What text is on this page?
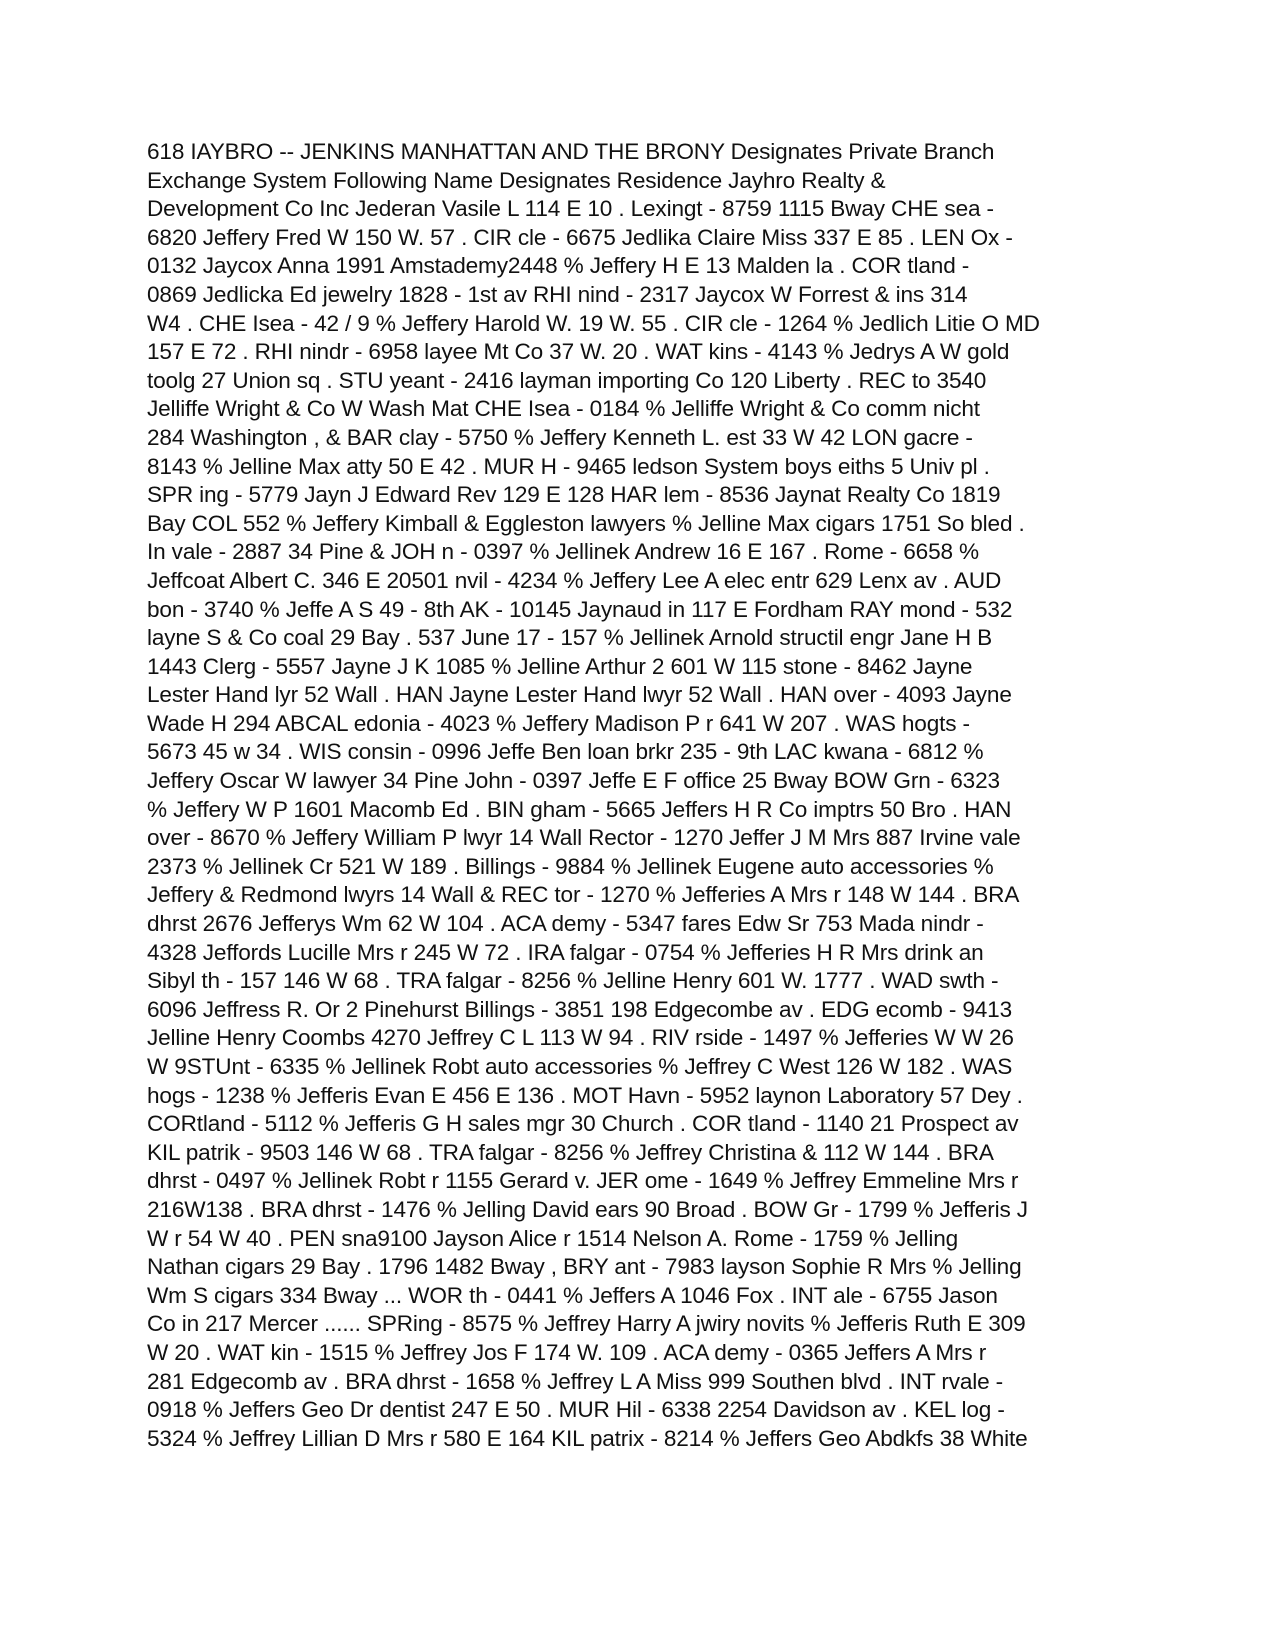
618 IAYBRO -- JENKINS MANHATTAN AND THE BRONY Designates Private Branch
Exchange System Following Name Designates Residence Jayhro Realty &
Development Co Inc Jederan Vasile L 114 E 10 . Lexingt - 8759 1115 Bway CHE sea -
6820 Jeffery Fred W 150 W. 57 . CIR cle - 6675 Jedlika Claire Miss 337 E 85 . LEN Ox -
0132 Jaycox Anna 1991 Amstademy2448 % Jeffery H E 13 Malden la . COR tland -
0869 Jedlicka Ed jewelry 1828 - 1st av RHI nind - 2317 Jaycox W Forrest & ins 314
W4 . CHE Isea - 42 / 9 % Jeffery Harold W. 19 W. 55 . CIR cle - 1264 % Jedlich Litie O MD
157 E 72 . RHI nindr - 6958 layee Mt Co 37 W. 20 . WAT kins - 4143 % Jedrys A W gold
toolg 27 Union sq . STU yeant - 2416 layman importing Co 120 Liberty . REC to 3540
Jelliffe Wright & Co W Wash Mat CHE Isea - 0184 % Jelliffe Wright & Co comm nicht
284 Washington , & BAR clay - 5750 % Jeffery Kenneth L. est 33 W 42 LON gacre -
8143 % Jelline Max atty 50 E 42 . MUR H - 9465 ledson System boys eiths 5 Univ pl .
SPR ing - 5779 Jayn J Edward Rev 129 E 128 HAR lem - 8536 Jaynat Realty Co 1819
Bay COL 552 % Jeffery Kimball & Eggleston lawyers % Jelline Max cigars 1751 So bled .
In vale - 2887 34 Pine & JOH n - 0397 % Jellinek Andrew 16 E 167 . Rome - 6658 %
Jeffcoat Albert C. 346 E 20501 nvil - 4234 % Jeffery Lee A elec entr 629 Lenx av . AUD
bon - 3740 % Jeffe A S 49 - 8th AK - 10145 Jaynaud in 117 E Fordham RAY mond - 532
layne S & Co coal 29 Bay . 537 June 17 - 157 % Jellinek Arnold structil engr Jane H B
1443 Clerg - 5557 Jayne J K 1085 % Jelline Arthur 2 601 W 115 stone - 8462 Jayne
Lester Hand lyr 52 Wall . HAN Jayne Lester Hand lwyr 52 Wall . HAN over - 4093 Jayne
Wade H 294 ABCAL edonia - 4023 % Jeffery Madison P r 641 W 207 . WAS hogts -
5673 45 w 34 . WIS consin - 0996 Jeffe Ben loan brkr 235 - 9th LAC kwana - 6812 %
Jeffery Oscar W lawyer 34 Pine John - 0397 Jeffe E F office 25 Bway BOW Grn - 6323
% Jeffery W P 1601 Macomb Ed . BIN gham - 5665 Jeffers H R Co imptrs 50 Bro . HAN
over - 8670 % Jeffery William P lwyr 14 Wall Rector - 1270 Jeffer J M Mrs 887 Irvine vale
2373 % Jellinek Cr 521 W 189 . Billings - 9884 % Jellinek Eugene auto accessories %
Jeffery & Redmond lwyrs 14 Wall & REC tor - 1270 % Jefferies A Mrs r 148 W 144 . BRA
dhrst 2676 Jefferys Wm 62 W 104 . ACA demy - 5347 fares Edw Sr 753 Mada nindr -
4328 Jeffords Lucille Mrs r 245 W 72 . IRA falgar - 0754 % Jefferies H R Mrs drink an
Sibyl th - 157 146 W 68 . TRA falgar - 8256 % Jelline Henry 601 W. 1777 . WAD swth -
6096 Jeffress R. Or 2 Pinehurst Billings - 3851 198 Edgecombe av . EDG ecomb - 9413
Jelline Henry Coombs 4270 Jeffrey C L 113 W 94 . RIV rside - 1497 % Jefferies W W 26
W 9STUnt - 6335 % Jellinek Robt auto accessories % Jeffrey C West 126 W 182 . WAS
hogs - 1238 % Jefferis Evan E 456 E 136 . MOT Havn - 5952 laynon Laboratory 57 Dey .
CORtland - 5112 % Jefferis G H sales mgr 30 Church . COR tland - 1140 21 Prospect av
KIL patrik - 9503 146 W 68 . TRA falgar - 8256 % Jeffrey Christina & 112 W 144 . BRA
dhrst - 0497 % Jellinek Robt r 1155 Gerard v. JER ome - 1649 % Jeffrey Emmeline Mrs r
216W138 . BRA dhrst - 1476 % Jelling David ears 90 Broad . BOW Gr - 1799 % Jefferis J
W r 54 W 40 . PEN sna9100 Jayson Alice r 1514 Nelson A. Rome - 1759 % Jelling
Nathan cigars 29 Bay . 1796 1482 Bway , BRY ant - 7983 layson Sophie R Mrs % Jelling
Wm S cigars 334 Bway ... WOR th - 0441 % Jeffers A 1046 Fox . INT ale - 6755 Jason
Co in 217 Mercer ...... SPRing - 8575 % Jeffrey Harry A jwiry novits % Jefferis Ruth E 309
W 20 . WAT kin - 1515 % Jeffrey Jos F 174 W. 109 . ACA demy - 0365 Jeffers A Mrs r
281 Edgecomb av . BRA dhrst - 1658 % Jeffrey L A Miss 999 Southen blvd . INT rvale -
0918 % Jeffers Geo Dr dentist 247 E 50 . MUR Hil - 6338 2254 Davidson av . KEL log -
5324 % Jeffrey Lillian D Mrs r 580 E 164 KIL patrix - 8214 % Jeffers Geo Abdkfs 38 White
